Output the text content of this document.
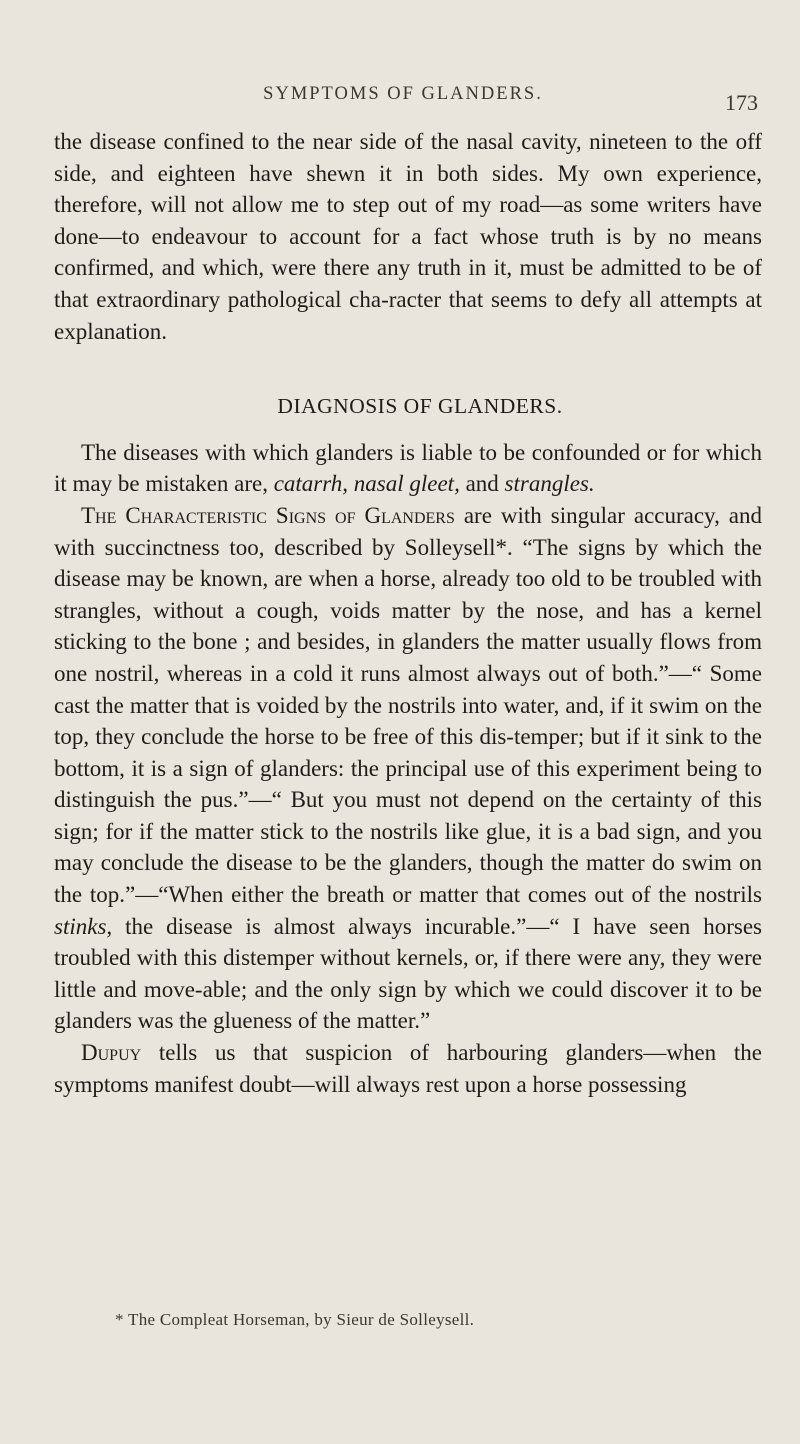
SYMPTOMS OF GLANDERS.	173

the disease confined to the near side of the nasal cavity, nineteen to the off side, and eighteen have shewn it in both sides. My own experience, therefore, will not allow me to step out of my road—as some writers have done—to endeavour to account for a fact whose truth is by no means confirmed, and which, were there any truth in it, must be admitted to be of that extraordinary pathological cha-racter that seems to defy all attempts at explanation.

DIAGNOSIS OF GLANDERS.

The diseases with which glanders is liable to be confounded or for which it may be mistaken are, catarrh, nasal gleet, and strangles.

The Characteristic Signs of Glanders are with singular accuracy, and with succinctness too, described by Solleysell*. “The signs by which the disease may be known, are when a horse, already too old to be troubled with strangles, without a cough, voids matter by the nose, and has a kernel sticking to the bone ; and besides, in glanders the matter usually flows from one nostril, whereas in a cold it runs almost always out of both.”—“ Some cast the matter that is voided by the nostrils into water, and, if it swim on the top, they conclude the horse to be free of this dis-temper; but if it sink to the bottom, it is a sign of glanders: the principal use of this experiment being to distinguish the pus.”—“ But you must not depend on the certainty of this sign; for if the matter stick to the nostrils like glue, it is a bad sign, and you may conclude the disease to be the glanders, though the matter do swim on the top.”—“When either the breath or matter that comes out of the nostrils stinks, the disease is almost always incurable.”—“ I have seen horses troubled with this distemper without kernels, or, if there were any, they were little and move-able; and the only sign by which we could discover it to be glanders was the glueness of the matter.”

Dupuy tells us that suspicion of harbouring glanders—when the symptoms manifest doubt—will always rest upon a horse possessing

* The Compleat Horseman, by Sieur de Solleysell.
